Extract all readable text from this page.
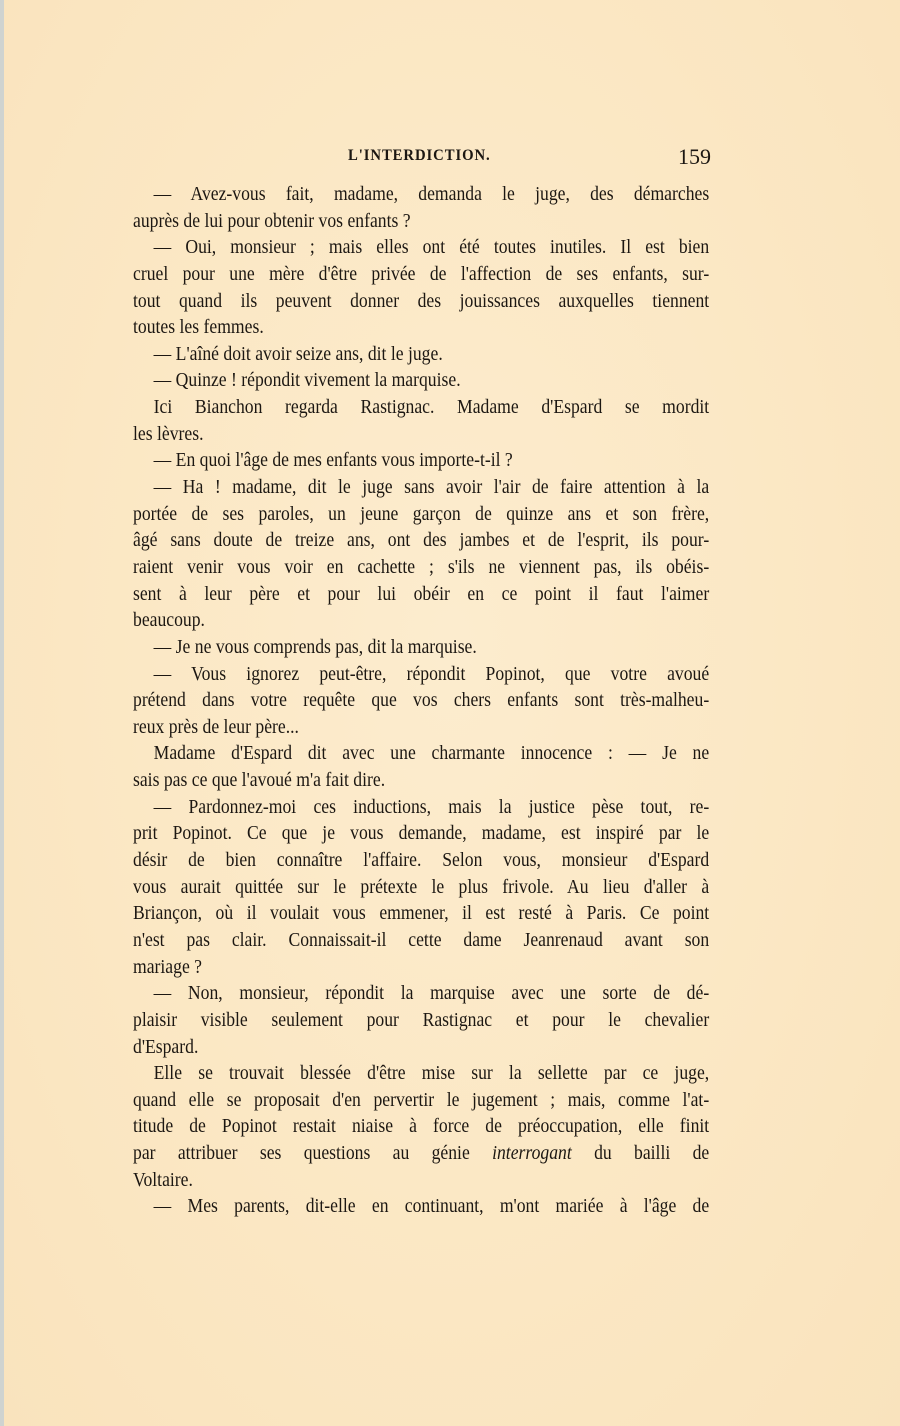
L'INTERDICTION.	159
— Avez-vous fait, madame, demanda le juge, des démarches
auprès de lui pour obtenir vos enfants ?
— Oui, monsieur ; mais elles ont été toutes inutiles. Il est bien
cruel pour une mère d'être privée de l'affection de ses enfants, sur-
tout quand ils peuvent donner des jouissances auxquelles tiennent
toutes les femmes.
— L'aîné doit avoir seize ans, dit le juge.
— Quinze ! répondit vivement la marquise.
Ici Bianchon regarda Rastignac. Madame d'Espard se mordit
les lèvres.
— En quoi l'âge de mes enfants vous importe-t-il ?
— Ha ! madame, dit le juge sans avoir l'air de faire attention à la
portée de ses paroles, un jeune garçon de quinze ans et son frère,
âgé sans doute de treize ans, ont des jambes et de l'esprit, ils pour-
raient venir vous voir en cachette ; s'ils ne viennent pas, ils obéis-
sent à leur père et pour lui obéir en ce point il faut l'aimer
beaucoup.
— Je ne vous comprends pas, dit la marquise.
— Vous ignorez peut-être, répondit Popinot, que votre avoué
prétend dans votre requête que vos chers enfants sont très-malheu-
reux près de leur père...
Madame d'Espard dit avec une charmante innocence : — Je ne
sais pas ce que l'avoué m'a fait dire.
— Pardonnez-moi ces inductions, mais la justice pèse tout, re-
prit Popinot. Ce que je vous demande, madame, est inspiré par le
désir de bien connaître l'affaire. Selon vous, monsieur d'Espard
vous aurait quittée sur le prétexte le plus frivole. Au lieu d'aller à
Briançon, où il voulait vous emmener, il est resté à Paris. Ce point
n'est pas clair. Connaissait-il cette dame Jeanrenaud avant son
mariage ?
— Non, monsieur, répondit la marquise avec une sorte de dé-
plaisir visible seulement pour Rastignac et pour le chevalier
d'Espard.
Elle se trouvait blessée d'être mise sur la sellette par ce juge,
quand elle se proposait d'en pervertir le jugement ; mais, comme l'at-
titude de Popinot restait niaise à force de préoccupation, elle finit
par attribuer ses questions au génie interrogant du bailli de
Voltaire.
— Mes parents, dit-elle en continuant, m'ont mariée à l'âge de
